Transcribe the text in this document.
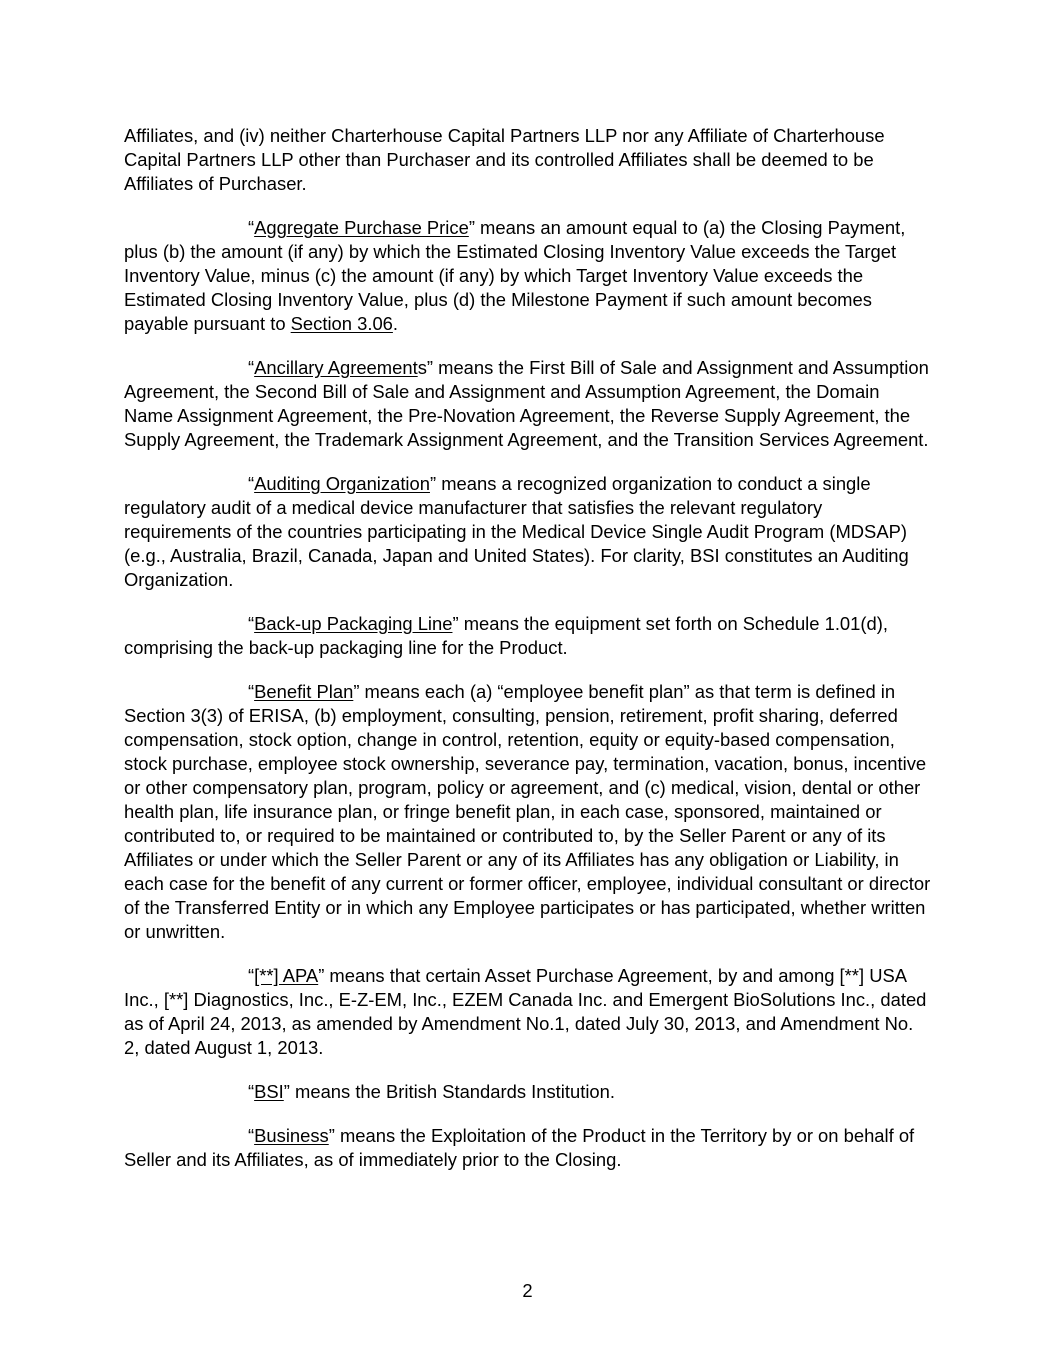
Affiliates, and (iv) neither Charterhouse Capital Partners LLP nor any Affiliate of Charterhouse Capital Partners LLP other than Purchaser and its controlled Affiliates shall be deemed to be Affiliates of Purchaser.

“Aggregate Purchase Price” means an amount equal to (a) the Closing Payment, plus (b) the amount (if any) by which the Estimated Closing Inventory Value exceeds the Target Inventory Value, minus (c) the amount (if any) by which Target Inventory Value exceeds the Estimated Closing Inventory Value, plus (d) the Milestone Payment if such amount becomes payable pursuant to Section 3.06.

“Ancillary Agreements” means the First Bill of Sale and Assignment and Assumption Agreement, the Second Bill of Sale and Assignment and Assumption Agreement, the Domain Name Assignment Agreement, the Pre-Novation Agreement, the Reverse Supply Agreement, the Supply Agreement, the Trademark Assignment Agreement, and the Transition Services Agreement.

“Auditing Organization” means a recognized organization to conduct a single regulatory audit of a medical device manufacturer that satisfies the relevant regulatory requirements of the countries participating in the Medical Device Single Audit Program (MDSAP) (e.g., Australia, Brazil, Canada, Japan and United States). For clarity, BSI constitutes an Auditing Organization.

“Back-up Packaging Line” means the equipment set forth on Schedule 1.01(d), comprising the back-up packaging line for the Product.

“Benefit Plan” means each (a) “employee benefit plan” as that term is defined in Section 3(3) of ERISA, (b) employment, consulting, pension, retirement, profit sharing, deferred compensation, stock option, change in control, retention, equity or equity-based compensation, stock purchase, employee stock ownership, severance pay, termination, vacation, bonus, incentive or other compensatory plan, program, policy or agreement, and (c) medical, vision, dental or other health plan, life insurance plan, or fringe benefit plan, in each case, sponsored, maintained or contributed to, or required to be maintained or contributed to, by the Seller Parent or any of its Affiliates or under which the Seller Parent or any of its Affiliates has any obligation or Liability, in each case for the benefit of any current or former officer, employee, individual consultant or director of the Transferred Entity or in which any Employee participates or has participated, whether written or unwritten.

“[**] APA” means that certain Asset Purchase Agreement, by and among [**] USA Inc., [**] Diagnostics, Inc., E-Z-EM, Inc., EZEM Canada Inc. and Emergent BioSolutions Inc., dated as of April 24, 2013, as amended by Amendment No.1, dated July 30, 2013, and Amendment No. 2, dated August 1, 2013.

“BSI” means the British Standards Institution.

“Business” means the Exploitation of the Product in the Territory by or on behalf of Seller and its Affiliates, as of immediately prior to the Closing.

2
